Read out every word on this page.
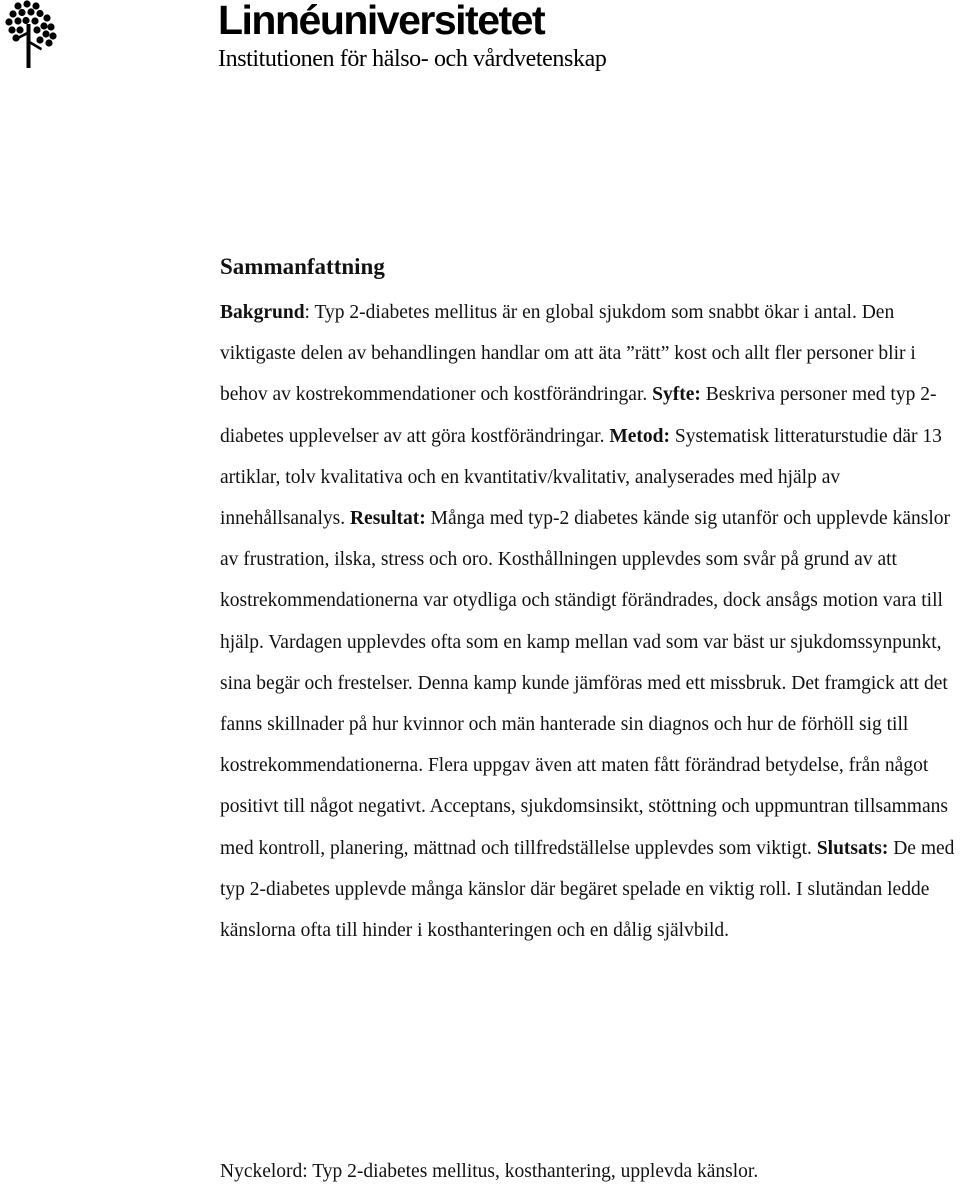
Linnéuniversitetet
Institutionen för hälso- och vårdvetenskap
Sammanfattning

Bakgrund: Typ 2-diabetes mellitus är en global sjukdom som snabbt ökar i antal. Den viktigaste delen av behandlingen handlar om att äta ”rätt” kost och allt fler personer blir i behov av kostrekommendationer och kostförändringar. Syfte: Beskriva personer med typ 2-diabetes upplevelser av att göra kostförändringar. Metod: Systematisk litteraturstudie där 13 artiklar, tolv kvalitativa och en kvantitativ/kvalitativ, analyserades med hjälp av innehållsanalys. Resultat: Många med typ-2 diabetes kände sig utanför och upplevde känslor av frustration, ilska, stress och oro. Kosthållningen upplevdes som svår på grund av att kostrekommendationerna var otydliga och ständigt förändrades, dock ansågs motion vara till hjälp. Vardagen upplevdes ofta som en kamp mellan vad som var bäst ur sjukdomssynpunkt, sina begär och frestelser. Denna kamp kunde jämföras med ett missbruk. Det framgick att det fanns skillnader på hur kvinnor och män hanterade sin diagnos och hur de förhöll sig till kostrekommendationerna. Flera uppgav även att maten fått förändrad betydelse, från något positivt till något negativt. Acceptans, sjukdomsinsikt, stöttning och uppmuntran tillsammans med kontroll, planering, mättnad och tillfredställelse upplevdes som viktigt. Slutsats: De med typ 2-diabetes upplevde många känslor där begäret spelade en viktig roll. I slutändan ledde känslorna ofta till hinder i kosthanteringen och en dålig självbild.

Nyckelord: Typ 2-diabetes mellitus, kosthantering, upplevda känslor.
